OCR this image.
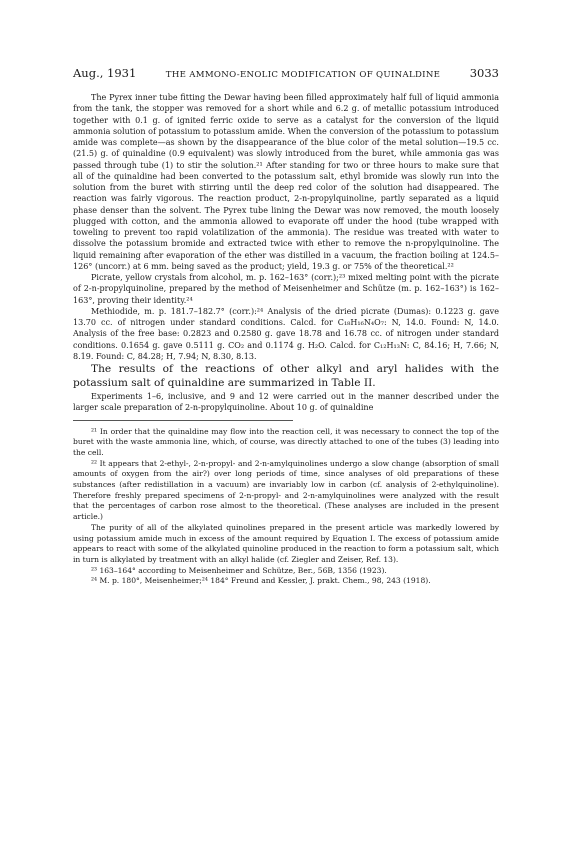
Aug., 1931	THE AMMONO-ENOLIC MODIFICATION OF QUINALDINE	3033

The Pyrex inner tube fitting the Dewar having been filled approximately half full of liquid ammonia from the tank, the stopper was removed for a short while and 6.2 g. of metallic potassium introduced together with 0.1 g. of ignited ferric oxide to serve as a catalyst for the conversion of the liquid ammonia solution of potassium to potassium amide. When the conversion of the potassium to potassium amide was complete—as shown by the disappearance of the blue color of the metal solution—19.5 cc. (21.5) g. of quinaldine (0.9 equivalent) was slowly introduced from the buret, while ammonia gas was passed through tube (1) to stir the solution.²¹ After standing for two or three hours to make sure that all of the quinaldine had been converted to the potassium salt, ethyl bromide was slowly run into the solution from the buret with stirring until the deep red color of the solution had disappeared. The reaction was fairly vigorous. The reaction product, 2-n-propylquinoline, partly separated as a liquid phase denser than the solvent. The Pyrex tube lining the Dewar was now removed, the mouth loosely plugged with cotton, and the ammonia allowed to evaporate off under the hood (tube wrapped with toweling to prevent too rapid volatilization of the ammonia). The residue was treated with water to dissolve the potassium bromide and extracted twice with ether to remove the n-propylquinoline. The liquid remaining after evaporation of the ether was distilled in a vacuum, the fraction boiling at 124.5–126° (uncorr.) at 6 mm. being saved as the product; yield, 19.3 g. or 75% of the theoretical.²²

Picrate, yellow crystals from alcohol, m. p. 162–163° (corr.);²³ mixed melting point with the picrate of 2-n-propylquinoline, prepared by the method of Meisenheimer and Schütze (m. p. 162–163°) is 162–163°, proving their identity.²⁴

Methiodide, m. p. 181.7–182.7° (corr.):²⁴ Analysis of the dried picrate (Dumas): 0.1223 g. gave 13.70 cc. of nitrogen under standard conditions. Calcd. for C₁₈H₁₆N₄O₇: N, 14.0. Found: N, 14.0. Analysis of the free base: 0.2823 and 0.2580 g. gave 18.78 and 16.78 cc. of nitrogen under standard conditions. 0.1654 g. gave 0.5111 g. CO₂ and 0.1174 g. H₂O. Calcd. for C₁₂H₁₃N: C, 84.16; H, 7.66; N, 8.19. Found: C, 84.28; H, 7.94; N, 8.30, 8.13.

The results of the reactions of other alkyl and aryl halides with the potassium salt of quinaldine are summarized in Table II.

Experiments 1–6, inclusive, and 9 and 12 were carried out in the manner described under the larger scale preparation of 2-n-propylquinoline. About 10 g. of quinaldine

²¹ In order that the quinaldine may flow into the reaction cell, it was necessary to connect the top of the buret with the waste ammonia line, which, of course, was directly attached to one of the tubes (3) leading into the cell.

²² It appears that 2-ethyl-, 2-n-propyl- and 2-n-amylquinolines undergo a slow change (absorption of small amounts of oxygen from the air?) over long periods of time, since analyses of old preparations of these substances (after redistillation in a vacuum) are invariably low in carbon (cf. analysis of 2-ethylquinoline). Therefore freshly prepared specimens of 2-n-propyl- and 2-n-amylquinolines were analyzed with the result that the percentages of carbon rose almost to the theoretical. (These analyses are included in the present article.)

The purity of all of the alkylated quinolines prepared in the present article was markedly lowered by using potassium amide much in excess of the amount required by Equation I. The excess of potassium amide appears to react with some of the alkylated quinoline produced in the reaction to form a potassium salt, which in turn is alkylated by treatment with an alkyl halide (cf. Ziegler and Zeiser, Ref. 13).

²³ 163–164° according to Meisenheimer and Schütze, Ber., 56B, 1356 (1923).

²⁴ M. p. 180°, Meisenheimer;²⁴ 184° Freund and Kessler, J. prakt. Chem., 98, 243 (1918).
